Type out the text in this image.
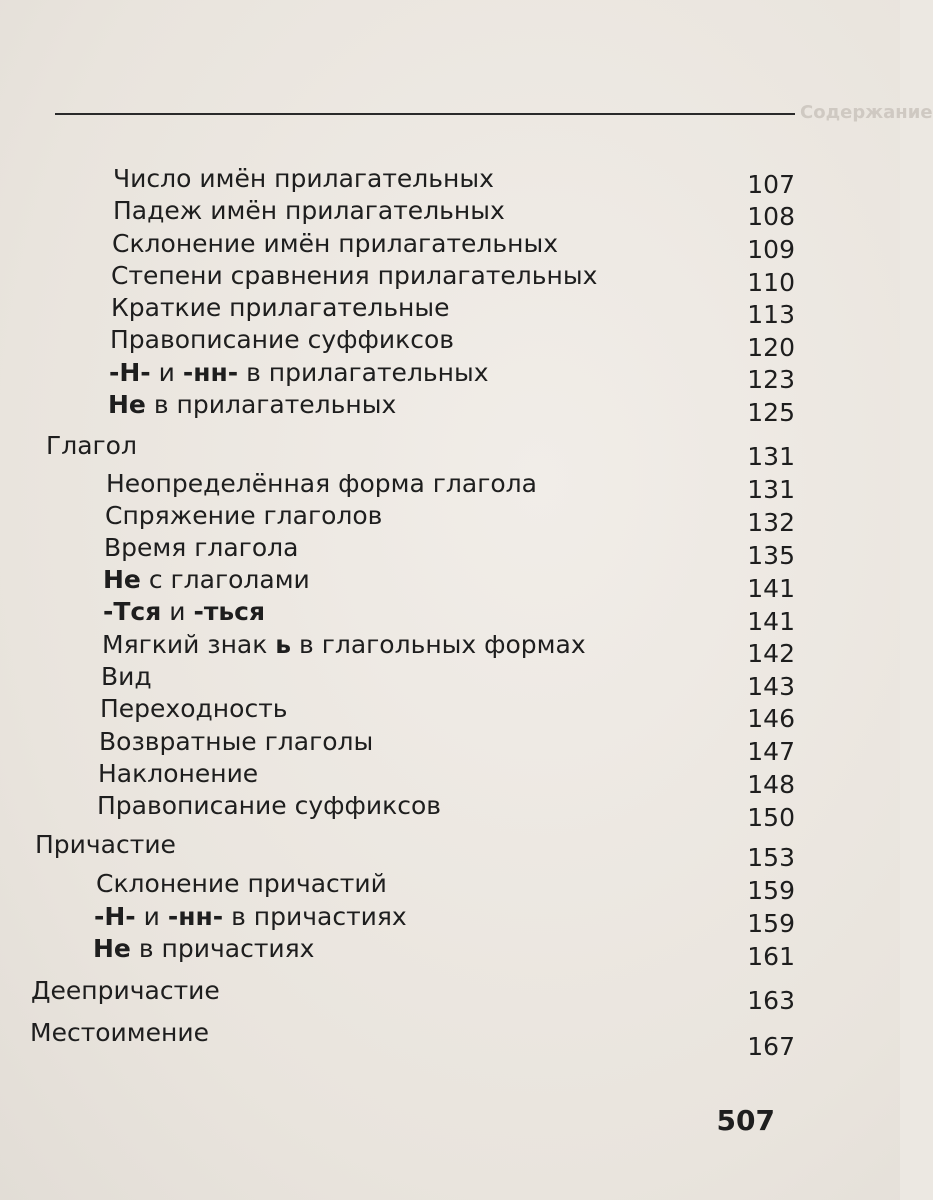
Содержание
Число имён прилагательных	107
Падеж имён прилагательных	108
Склонение имён прилагательных	109
Степени сравнения прилагательных	110
Краткие прилагательные	113
Правописание суффиксов	120
-Н- и -нн- в прилагательных	123
Не в прилагательных	125
Глагол	131
Неопределённая форма глагола	131
Спряжение глаголов	132
Время глагола	135
Не с глаголами	141
-Тся и -ться	141
Мягкий знак ь в глагольных формах	142
Вид	143
Переходность	146
Возвратные глаголы	147
Наклонение	148
Правописание суффиксов	150
Причастие	153
Склонение причастий	159
-Н- и -нн- в причастиях	159
Не в причастиях	161
Деепричастие	163
Местоимение	167
507
